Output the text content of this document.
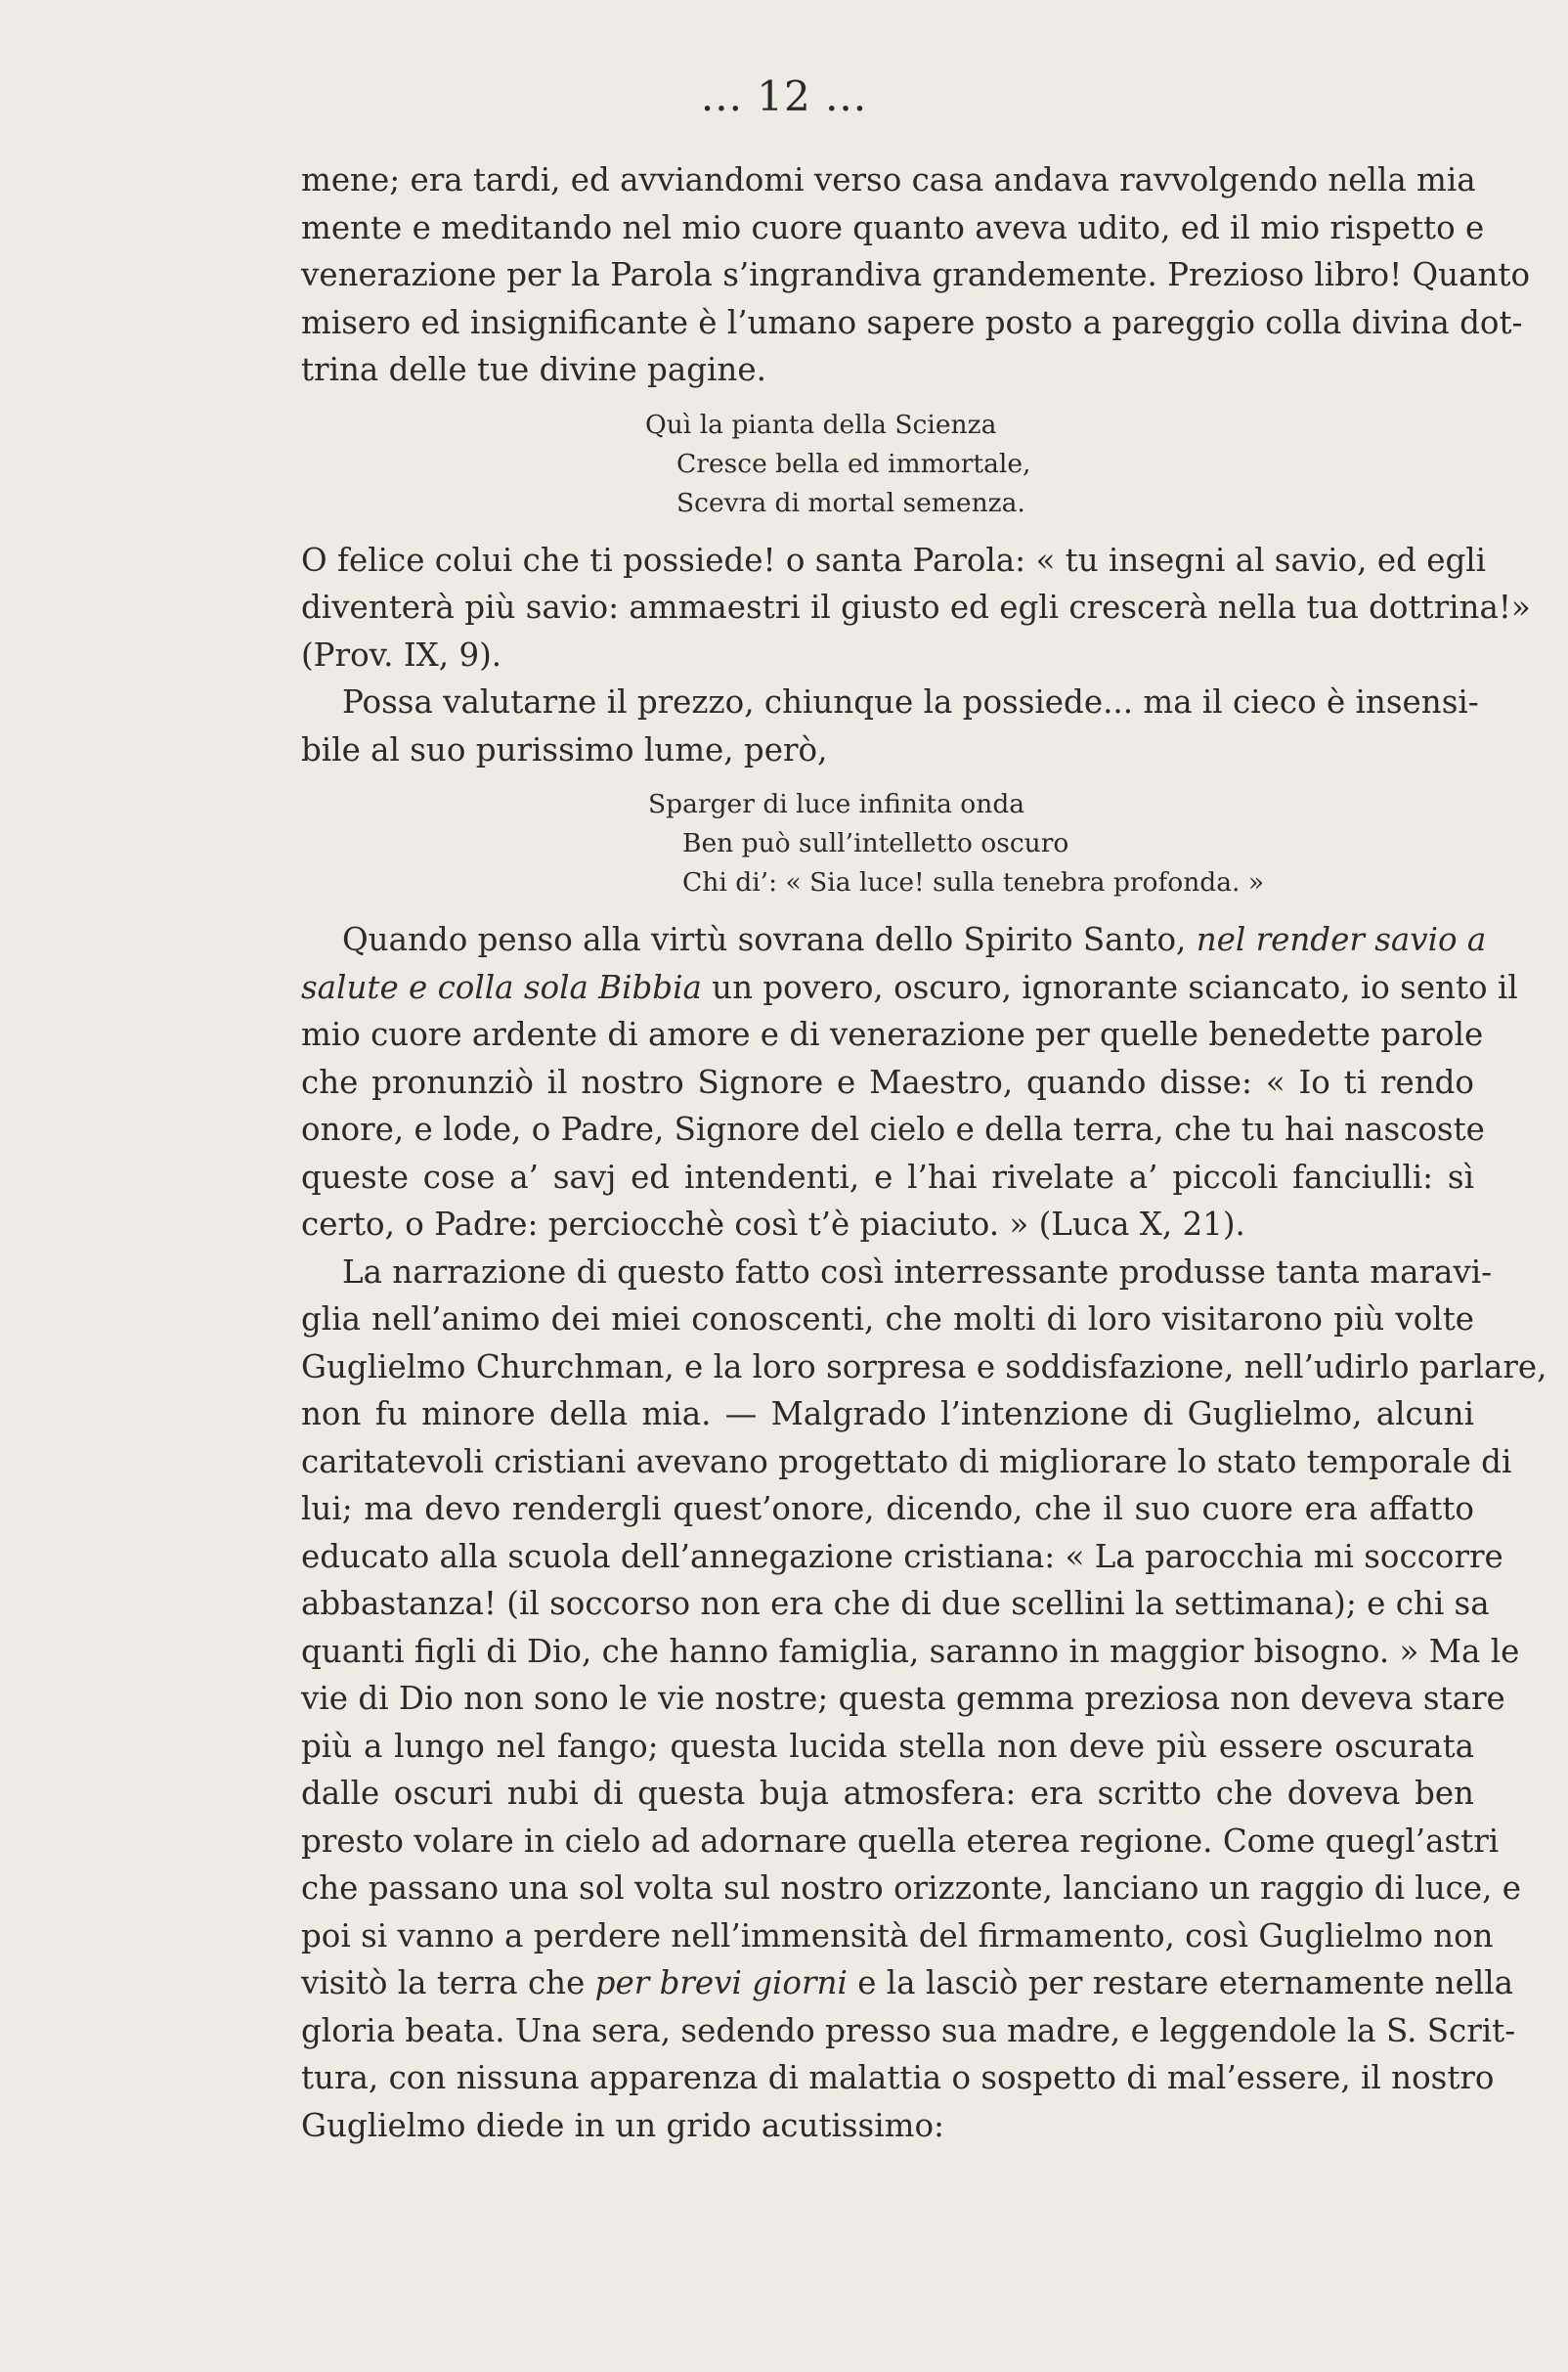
... 12 ...
mene; era tardi, ed avviandomi verso casa andava ravvolgendo nella mia
mente e meditando nel mio cuore quanto aveva udito, ed il mio rispetto e
venerazione per la Parola s’ingrandiva grandemente. Prezioso libro! Quanto
misero ed insignificante è l’umano sapere posto a pareggio colla divina dot-
trina delle tue divine pagine.
Quì la pianta della Scienza
Cresce bella ed immortale,
Scevra di mortal semenza.
O felice colui che ti possiede! o santa Parola: « tu insegni al savio, ed egli
diventerà più savio: ammaestri il giusto ed egli crescerà nella tua dottrina!»
(Prov. IX, 9).
Possa valutarne il prezzo, chiunque la possiede... ma il cieco è insensi-
bile al suo purissimo lume, però,
Sparger di luce infinita onda
Ben può sull’intelletto oscuro
Chi di’: « Sia luce! sulla tenebra profonda. »
Quando penso alla virtù sovrana dello Spirito Santo, nel render savio a
salute e colla sola Bibbia un povero, oscuro, ignorante sciancato, io sento il
mio cuore ardente di amore e di venerazione per quelle benedette parole
che pronunziò il nostro Signore e Maestro, quando disse: « Io ti rendo
onore, e lode, o Padre, Signore del cielo e della terra, che tu hai nascoste
queste cose a’ savj ed intendenti, e l’hai rivelate a’ piccoli fanciulli: sì
certo, o Padre: perciocchè così t’è piaciuto. » (Luca X, 21).
La narrazione di questo fatto così interressante produsse tanta maravi-
glia nell’animo dei miei conoscenti, che molti di loro visitarono più volte
Guglielmo Churchman, e la loro sorpresa e soddisfazione, nell’udirlo parlare,
non fu minore della mia. — Malgrado l’intenzione di Guglielmo, alcuni
caritatevoli cristiani avevano progettato di migliorare lo stato temporale di
lui; ma devo rendergli quest’onore, dicendo, che il suo cuore era affatto
educato alla scuola dell’annegazione cristiana: « La parocchia mi soccorre
abbastanza! (il soccorso non era che di due scellini la settimana); e chi sa
quanti figli di Dio, che hanno famiglia, saranno in maggior bisogno. » Ma le
vie di Dio non sono le vie nostre; questa gemma preziosa non deveva stare
più a lungo nel fango; questa lucida stella non deve più essere oscurata
dalle oscuri nubi di questa buja atmosfera: era scritto che doveva ben
presto volare in cielo ad adornare quella eterea regione. Come quegl’astri
che passano una sol volta sul nostro orizzonte, lanciano un raggio di luce, e
poi si vanno a perdere nell’immensità del firmamento, così Guglielmo non
visitò la terra che per brevi giorni e la lasciò per restare eternamente nella
gloria beata. Una sera, sedendo presso sua madre, e leggendole la S. Scrit-
tura, con nissuna apparenza di malattia o sospetto di mal’essere, il nostro
Guglielmo diede in un grido acutissimo:
